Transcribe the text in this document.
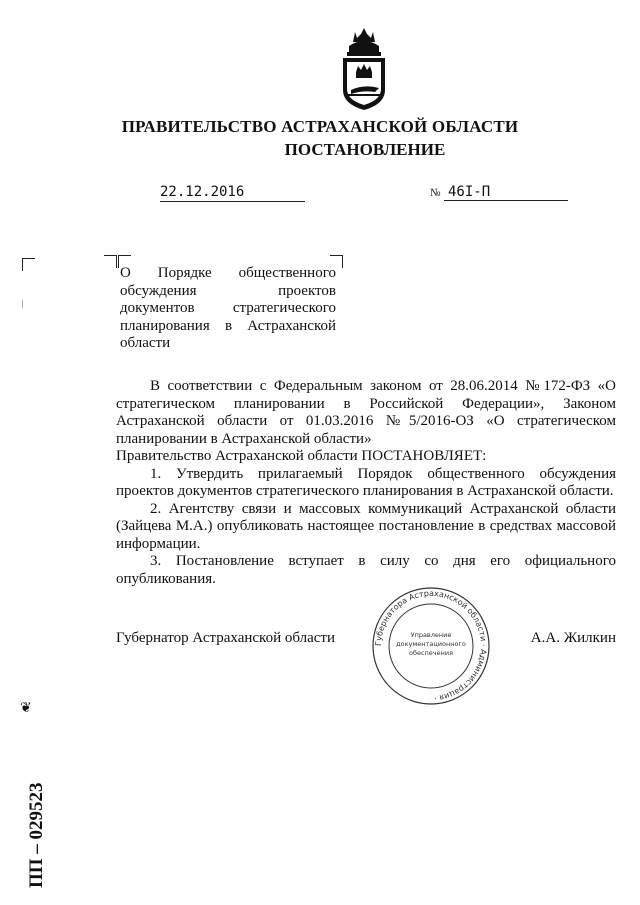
ПРАВИТЕЛЬСТВО АСТРАХАНСКОЙ ОБЛАСТИ
ПОСТАНОВЛЕНИЕ
22.12.2016	№ 46I-П
О Порядке общественного обсуждения проектов документов стратегического планирования в Астраханской области

В соответствии с Федеральным законом от 28.06.2014 №172-ФЗ «О стратегическом планировании в Российской Федерации», Законом Астраханской области от 01.03.2016 №5/2016-ОЗ «О стратегическом планировании в Астраханской области»

Правительство Астраханской области ПОСТАНОВЛЯЕТ:

1. Утвердить прилагаемый Порядок общественного обсуждения проектов документов стратегического планирования в Астраханской области.

2. Агентству связи и массовых коммуникаций Астраханской области (Зайцева М.А.) опубликовать настоящее постановление в средствах массовой информации.

3. Постановление вступает в силу со дня его официального опубликования.

Губернатор Астраханской области	А.А. Жилкин
Губернатора Астраханской области · Администрация ·
Управление
документационного
обеспечения
ПП – 029523
❦
